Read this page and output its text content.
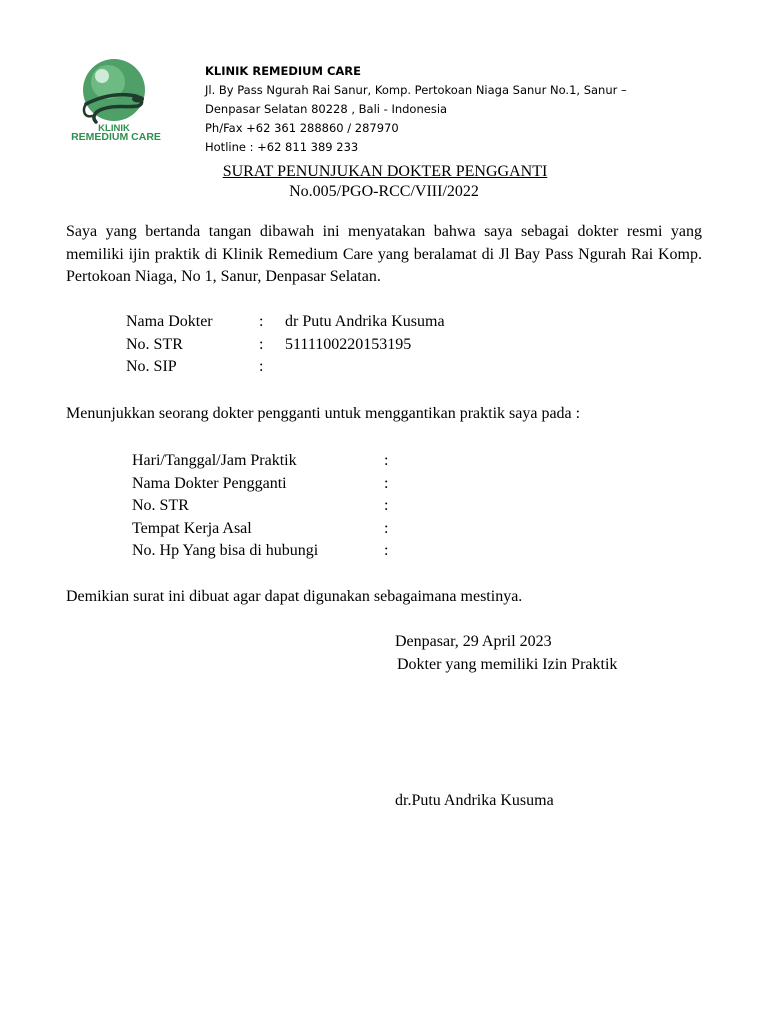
KLINIK
REMEDIUM CARE
KLINIK REMEDIUM CARE
Jl. By Pass Ngurah Rai Sanur, Komp. Pertokoan Niaga Sanur No.1, Sanur –
Denpasar Selatan 80228 , Bali - Indonesia
Ph/Fax +62 361 288860 / 287970
Hotline : +62 811 389 233
SURAT PENUNJUKAN DOKTER PENGGANTI
No.005/PGO-RCC/VIII/2022
Saya yang bertanda tangan dibawah ini menyatakan bahwa saya sebagai dokter resmi yang memiliki ijin praktik di Klinik Remedium Care yang beralamat di Jl Bay Pass Ngurah Rai Komp. Pertokoan Niaga, No 1, Sanur, Denpasar Selatan.
Nama Dokter	:	dr Putu Andrika Kusuma
No. STR	:	5111100220153195
No. SIP	:	
Menunjukkan seorang dokter pengganti untuk menggantikan praktik saya pada :
Hari/Tanggal/Jam Praktik	:	
Nama Dokter Pengganti	:	
No. STR	:	
Tempat Kerja Asal	:	
No. Hp Yang bisa di hubungi	:	
Demikian surat ini dibuat agar dapat digunakan sebagaimana mestinya.
Denpasar, 29 April 2023
Dokter yang memiliki Izin Praktik
dr.Putu Andrika Kusuma
